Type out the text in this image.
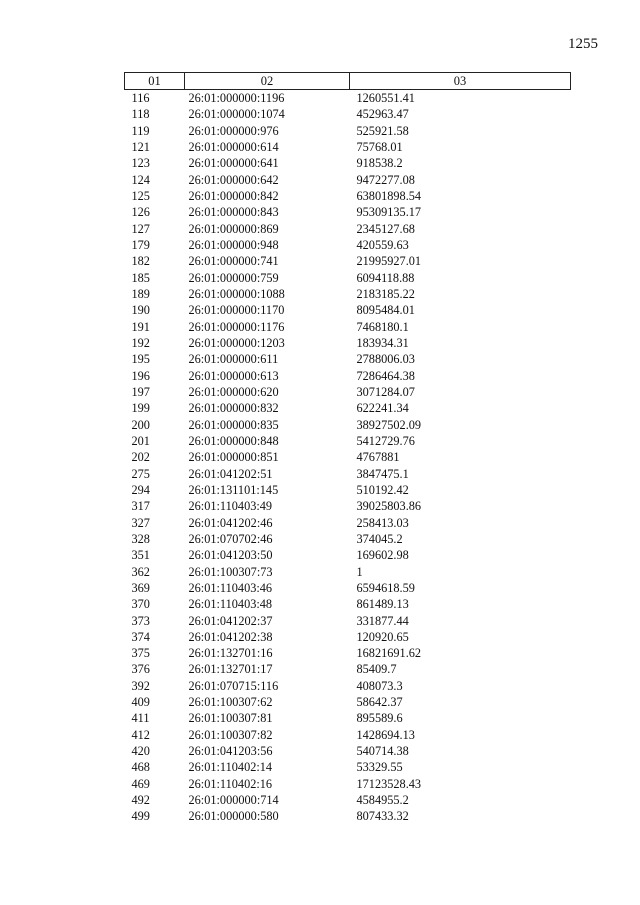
1255
01	02	03
116	26:01:000000:1196	1260551.41
118	26:01:000000:1074	452963.47
119	26:01:000000:976	525921.58
121	26:01:000000:614	75768.01
123	26:01:000000:641	918538.2
124	26:01:000000:642	9472277.08
125	26:01:000000:842	63801898.54
126	26:01:000000:843	95309135.17
127	26:01:000000:869	2345127.68
179	26:01:000000:948	420559.63
182	26:01:000000:741	21995927.01
185	26:01:000000:759	6094118.88
189	26:01:000000:1088	2183185.22
190	26:01:000000:1170	8095484.01
191	26:01:000000:1176	7468180.1
192	26:01:000000:1203	183934.31
195	26:01:000000:611	2788006.03
196	26:01:000000:613	7286464.38
197	26:01:000000:620	3071284.07
199	26:01:000000:832	622241.34
200	26:01:000000:835	38927502.09
201	26:01:000000:848	5412729.76
202	26:01:000000:851	4767881
275	26:01:041202:51	3847475.1
294	26:01:131101:145	510192.42
317	26:01:110403:49	39025803.86
327	26:01:041202:46	258413.03
328	26:01:070702:46	374045.2
351	26:01:041203:50	169602.98
362	26:01:100307:73	1
369	26:01:110403:46	6594618.59
370	26:01:110403:48	861489.13
373	26:01:041202:37	331877.44
374	26:01:041202:38	120920.65
375	26:01:132701:16	16821691.62
376	26:01:132701:17	85409.7
392	26:01:070715:116	408073.3
409	26:01:100307:62	58642.37
411	26:01:100307:81	895589.6
412	26:01:100307:82	1428694.13
420	26:01:041203:56	540714.38
468	26:01:110402:14	53329.55
469	26:01:110402:16	17123528.43
492	26:01:000000:714	4584955.2
499	26:01:000000:580	807433.32
